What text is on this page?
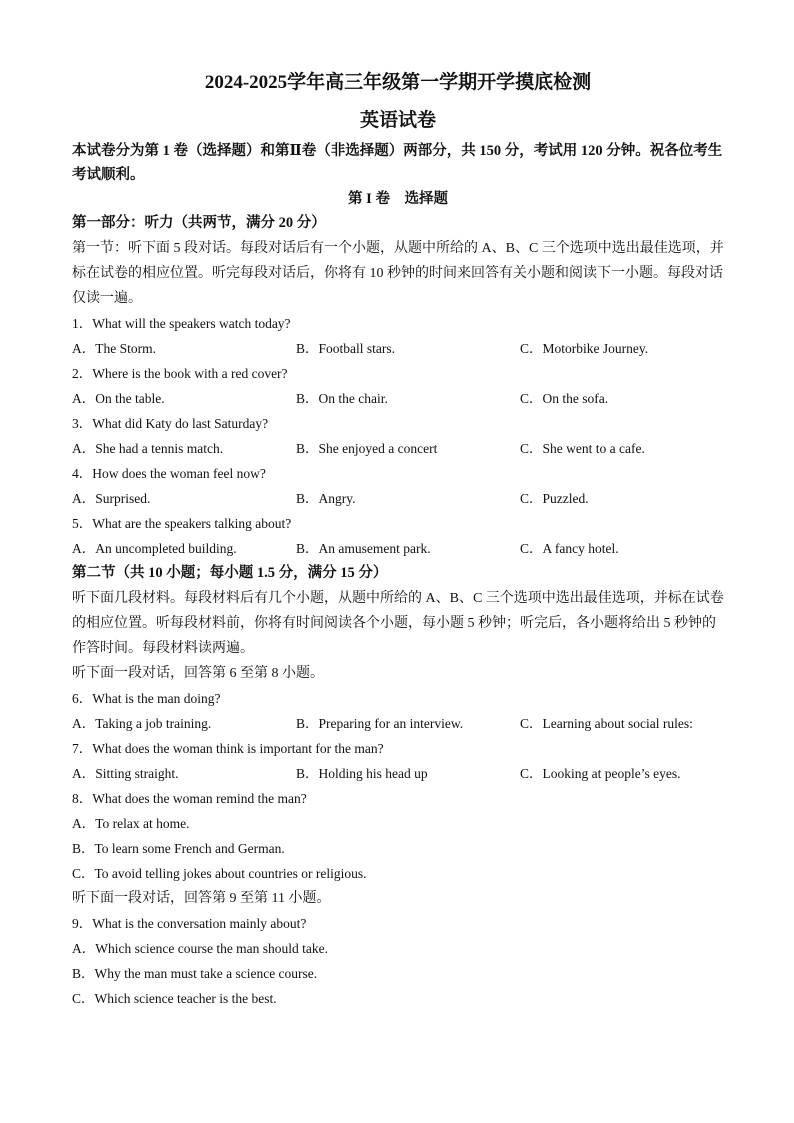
2024-2025学年高三年级第一学期开学摸底检测

英语试卷

本试卷分为第 1 卷（选择题）和第Ⅱ卷（非选择题）两部分，共 150 分，考试用 120 分钟。祝各位考生考试顺利。

第 I 卷　选择题

第一部分：听力（共两节，满分 20 分）

第一节：听下面 5 段对话。每段对话后有一个小题，从题中所给的 A、B、C 三个选项中选出最佳选项，并标在试卷的相应位置。听完每段对话后，你将有 10 秒钟的时间来回答有关小题和阅读下一小题。每段对话仅读一遍。

1．What will the speakers watch today?

A．The Storm.	B．Football stars.	C．Motorbike Journey.

2．Where is the book with a red cover?

A．On the table.	B．On the chair.	C．On the sofa.

3．What did Katy do last Saturday?

A．She had a tennis match.	B．She enjoyed a concert	C．She went to a cafe.

4．How does the woman feel now?

A．Surprised.	B．Angry.	C．Puzzled.

5．What are the speakers talking about?

A．An uncompleted building.	B．An amusement park.	C．A fancy hotel.

第二节（共 10 小题；每小题 1.5 分，满分 15 分）

听下面几段材料。每段材料后有几个小题，从题中所给的 A、B、C 三个选项中选出最佳选项，并标在试卷的相应位置。听每段材料前，你将有时间阅读各个小题，每小题 5 秒钟；听完后，各小题将给出 5 秒钟的作答时间。每段材料读两遍。

听下面一段对话，回答第 6 至第 8 小题。

6．What is the man doing?

A．Taking a job training.	B．Preparing for an interview.	C．Learning about social rules:

7．What does the woman think is important for the man?

A．Sitting straight.	B．Holding his head up	C．Looking at people’s eyes.

8．What does the woman remind the man?

A．To relax at home.

B．To learn some French and German.

C．To avoid telling jokes about countries or religious.

听下面一段对话，回答第 9 至第 11 小题。

9．What is the conversation mainly about?

A．Which science course the man should take.

B．Why the man must take a science course.

C．Which science teacher is the best.
